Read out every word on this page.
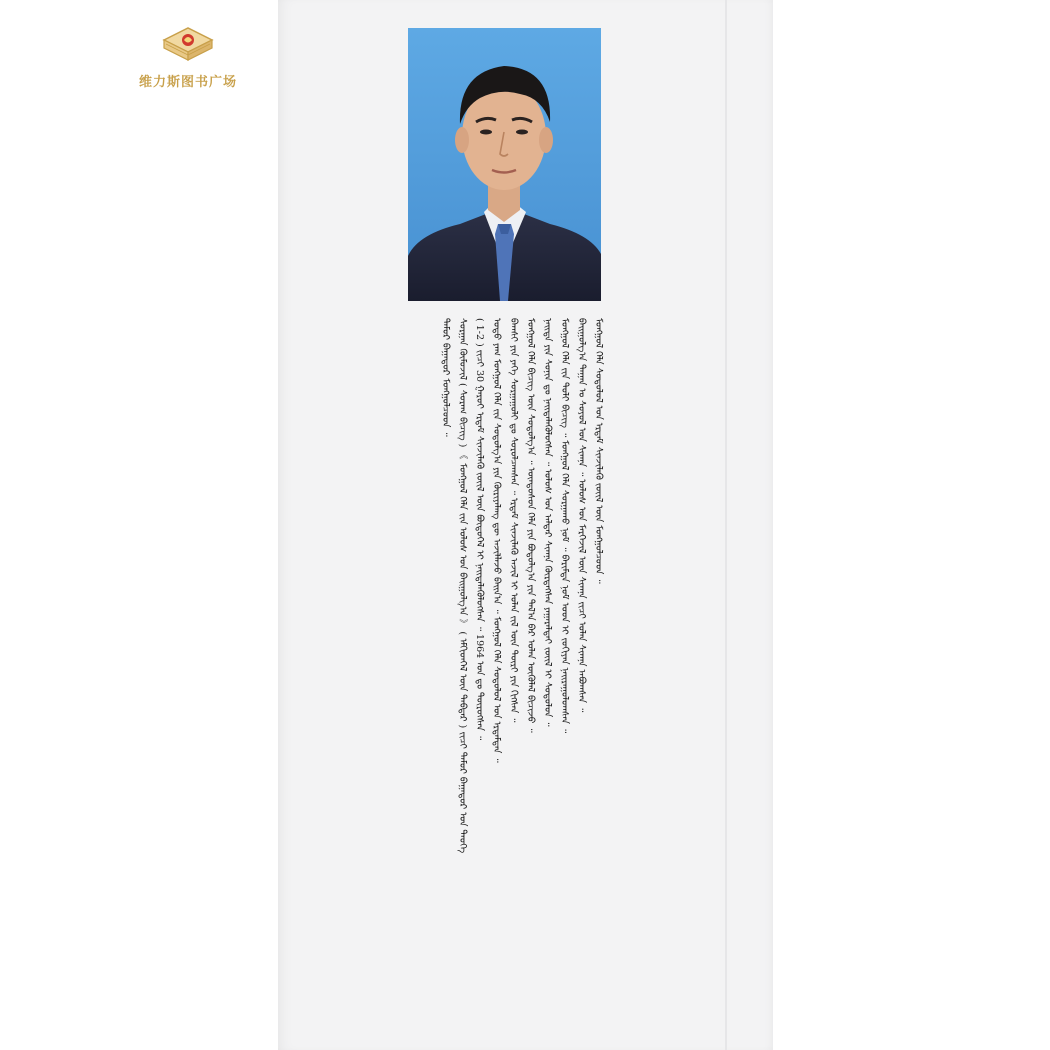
维力斯图书广场
ᠲᠡᠮᠦᠷ ᠪᠠᠭᠠᠲᠦᠷ ᠮᠣᠩᠭᠣᠯᠴᠤᠳ ᠃ ᠰᠤᠷᠭᠠᠨ ᠬᠦᠮᠦᠵᠢᠯ ( ᠰᠤᠷᠠᠭ ᠪᠢᠴᠢᠭ ) 《 ᠮᠣᠩᠭᠣᠯ ᠬᠡᠯᠡ ᠵᠢᠨ ᠤᠯᠤᠰ ᠤᠨ ᠪᠠᠢᠭᠤᠯᠭ᠎ᠠ 》 ( ᠡᠮᠬᠢᠳᠬᠡᠯ ᠦᠨ ᠳᠡᠪᠲᠡᠷ ) ᠵᠢᠴᠢ ᠲᠡᠮᠦᠷ ᠪᠠᠭᠠᠲᠦᠷ ᠤᠨ ᠲᠡᠦᠬᠡ ( 1-2 ) ᠵᠢᠴᠢ 30 ᠭᠠᠷᠤᠢ ᠡᠷᠳᠡᠮ ᠰᠢᠨᠵᠢᠯᠡᠬᠦ ᠵᠦᠢᠯ ᠦᠨ ᠪᠦᠲᠦᠭᠡᠯ ᠢ ᠨᠡᠢᠲᠡᠯᠡᠭᠦᠯᠦᠭᠰᠡᠨ ᠃ 1964 ᠣᠨ ᠳᠤ ᠲᠦᠷᠦᠭᠰᠡᠨ ᠃ ᠣᠳᠣ ᠶᠠᠭ ᠮᠣᠩᠭᠣᠯ ᠬᠡᠯᠡ ᠵᠢᠨ ᠰᠤᠳᠤᠯᠭ᠎ᠠ ᠶᠢᠨ ᠬᠦᠷᠢᠶᠡᠯᠡᠩ ᠳᠦ ᠠᠵᠢᠯᠯᠠᠵᠤ ᠪᠠᠢᠨ᠎ᠠ ᠃ ᠮᠣᠩᠭᠣᠯ ᠬᠡᠯᠡ ᠰᠤᠳᠤᠯᠤᠯ ᠤᠨ ᠡᠷᠳᠡᠮᠲᠡᠨ ᠃ ᠪᠠᠭᠰᠢ ᠶᠢᠨ ᠶᠡᠬᠡ ᠰᠤᠷᠭᠠᠭᠤᠯᠢ ᠳᠤ ᠰᠤᠷᠤᠯᠴᠠᠭᠰᠠᠨ ᠃ ᠡᠷᠳᠡᠮ ᠰᠢᠨᠵᠢᠯᠡᠬᠦ ᠠᠵᠢᠯ ᠢ ᠣᠯᠠᠨ ᠵᠢᠯ ᠦᠨ ᠳᠦᠷᠢ ᠶᠢᠨ ᠬᠢᠭᠰᠡᠨ ᠃ ᠮᠣᠩᠭᠣᠯ ᠬᠡᠯᠡ ᠪᠢᠴᠢᠭ ᠦᠨ ᠰᠤᠳᠤᠯᠭ᠎ᠠ ᠃ ᠦᠨᠳᠦᠰᠦᠨ ᠬᠡᠯᠡ ᠶᠢᠨ ᠪᠣᠳᠤᠯᠭ᠎ᠠ ᠶᠢᠨ ᠲᠠᠯ᠎ᠠ ᠪᠠᠷ ᠣᠯᠠᠨ ᠦᠭᠦᠯᠡᠯ ᠪᠢᠴᠢᠵᠦ ᠃ ᠨᠡᠢᠲᠡ ᠶᠢᠨ ᠰᠣᠨᠢᠨ ᠳᠤ ᠨᠡᠢᠲᠡᠯᠡᠭᠦᠯᠦᠭᠰᠡᠨ ᠃ ᠤᠯᠤᠰ ᠤᠨ ᠠᠯᠳᠠᠷ ᠰᠢᠭᠨᠠ ᠬᠦᠷᠲᠡᠭᠰᠡᠨ ᠶᠠᠭᠠᠷᠠᠯᠲᠠᠢ ᠵᠦᠢᠯ ᠢ ᠰᠤᠳᠤᠯᠤᠨ ᠃ ᠮᠣᠩᠭᠣᠯ ᠬᠡᠯᠡ ᠵᠢᠨ ᠲᠣᠯᠢ ᠪᠢᠴᠢᠭ ᠃ ᠮᠣᠩᠭᠣᠯ ᠬᠡᠯᠡ ᠰᠤᠷᠭᠠᠬᠤ ᠨᠣᠮ ᠃ ᠪᠠᠷᠢᠮᠲᠠ ᠨᠣᠮ ᠤᠳ ᠢ ᠵᠣᠬᠢᠶᠠᠨ ᠨᠠᠢᠷᠠᠭᠤᠯᠤᠭᠰᠠᠨ ᠃ ᠪᠠᠢᠭᠤᠯᠭ᠎ᠠ ᠲᠠᠭᠠᠨ ᠤ ᠰᠣᠶᠣᠯ ᠤᠨ ᠰᠢᠭᠨᠠ ᠃ ᠤᠯᠤᠰ ᠤᠨ ᠮᠡᠷᠭᠡᠵᠢᠯ ᠦᠨ ᠰᠢᠭᠨᠠ ᠵᠢᠴᠢ ᠣᠯᠠᠨ ᠰᠢᠭᠨᠠ ᠠᠪᠤᠭᠰᠠᠨ ᠃ ᠮᠣᠩᠭᠣᠯ ᠬᠡᠯᠡ ᠰᠤᠳᠤᠯᠤᠯ ᠤᠨ ᠡᠷᠳᠡᠮ ᠰᠢᠨᠵᠢᠯᠡᠬᠦ ᠵᠦᠢᠯ ᠦᠨ ᠮᠣᠩᠭᠣᠯᠴᠤᠳ ᠃
